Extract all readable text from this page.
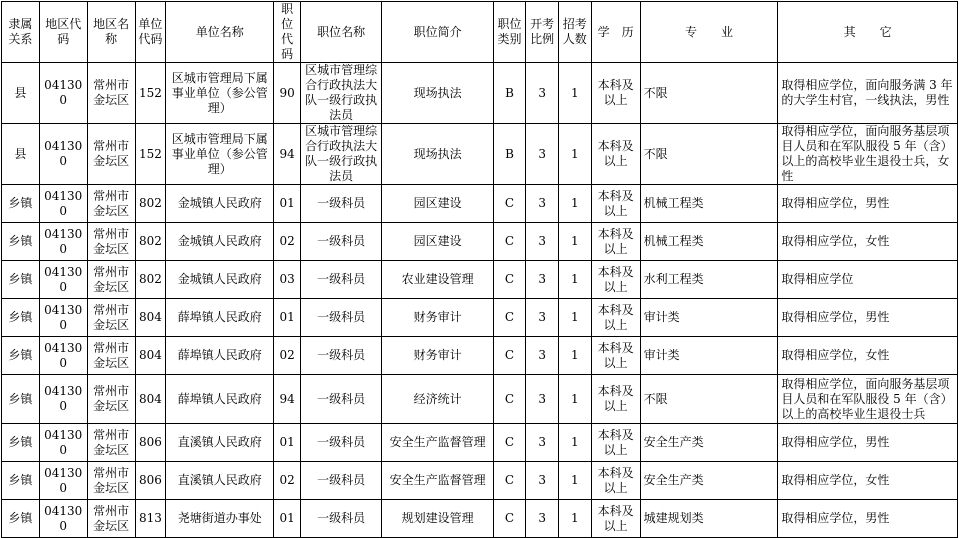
隶属关系	地区代码	地区名称	单位代码	单位名称	职位代码	职位名称	职位简介	职位类别	开考比例	招考人数	学　历	专　　业	其　　它
县	041300	常州市金坛区	152	区城市管理局下属事业单位（参公管理）	90	区城市管理综合行政执法大队一级行政执法员	现场执法	B	3	1	本科及以上	不限	取得相应学位，面向服务满 3 年的大学生村官，一线执法，男性
县	041300	常州市金坛区	152	区城市管理局下属事业单位（参公管理）	94	区城市管理综合行政执法大队一级行政执法员	现场执法	B	3	1	本科及以上	不限	取得相应学位，面向服务基层项目人员和在军队服役 5 年（含）以上的高校毕业生退役士兵，女性
乡镇	041300	常州市金坛区	802	金城镇人民政府	01	一级科员	园区建设	C	3	1	本科及以上	机械工程类	取得相应学位，男性
乡镇	041300	常州市金坛区	802	金城镇人民政府	02	一级科员	园区建设	C	3	1	本科及以上	机械工程类	取得相应学位，女性
乡镇	041300	常州市金坛区	802	金城镇人民政府	03	一级科员	农业建设管理	C	3	1	本科及以上	水利工程类	取得相应学位
乡镇	041300	常州市金坛区	804	薛埠镇人民政府	01	一级科员	财务审计	C	3	1	本科及以上	审计类	取得相应学位，男性
乡镇	041300	常州市金坛区	804	薛埠镇人民政府	02	一级科员	财务审计	C	3	1	本科及以上	审计类	取得相应学位，女性
乡镇	041300	常州市金坛区	804	薛埠镇人民政府	94	一级科员	经济统计	C	3	1	本科及以上	不限	取得相应学位，面向服务基层项目人员和在军队服役 5 年（含）以上的高校毕业生退役士兵
乡镇	041300	常州市金坛区	806	直溪镇人民政府	01	一级科员	安全生产监督管理	C	3	1	本科及以上	安全生产类	取得相应学位，男性
乡镇	041300	常州市金坛区	806	直溪镇人民政府	02	一级科员	安全生产监督管理	C	3	1	本科及以上	安全生产类	取得相应学位，女性
乡镇	041300	常州市金坛区	813	尧塘街道办事处	01	一级科员	规划建设管理	C	3	1	本科及以上	城建规划类	取得相应学位，男性
